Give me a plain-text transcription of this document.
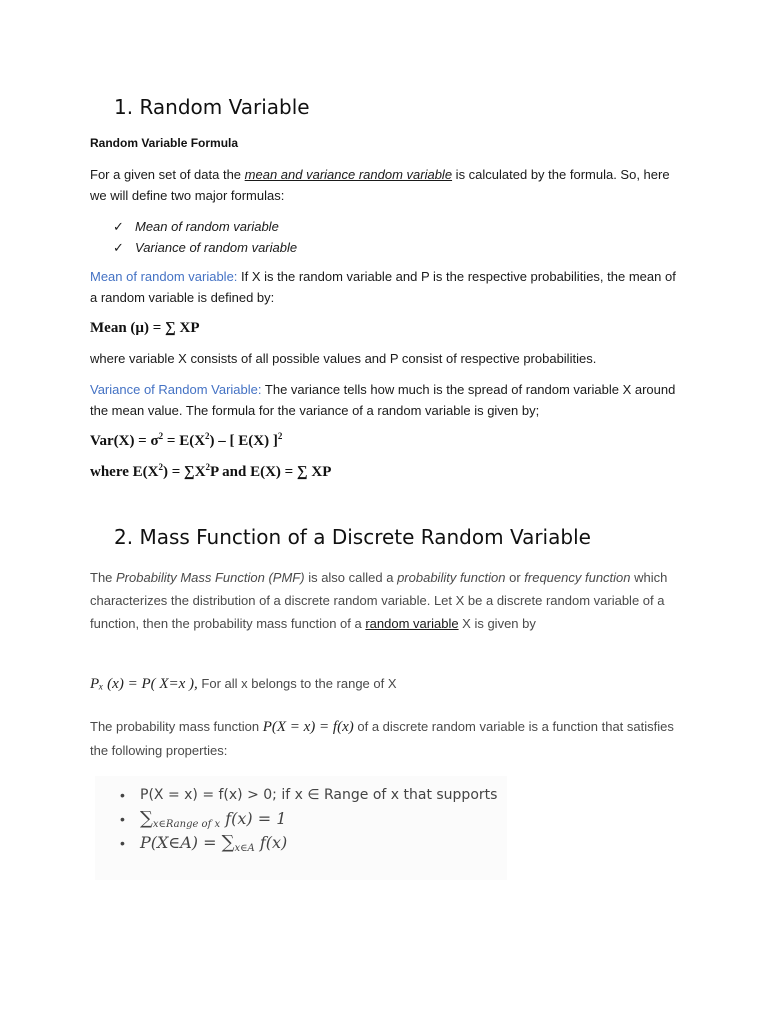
1. Random Variable
Random Variable Formula
For a given set of data the mean and variance random variable is calculated by the formula. So, here we will define two major formulas:
✓ Mean of random variable
✓ Variance of random variable
Mean of random variable: If X is the random variable and P is the respective probabilities, the mean of a random variable is defined by:
Mean (µ) = ∑ XP
where variable X consists of all possible values and P consist of respective probabilities.
Variance of Random Variable: The variance tells how much is the spread of random variable X around the mean value. The formula for the variance of a random variable is given by;
$Var(X) = \sigma^2 = E(X^2)$ – [ E(X) ]$^2$
where $E(X^2) = \sum X^2P$ and E(X) = ∑ XP
2. Mass Function of a Discrete Random Variable
The Probability Mass Function (PMF) is also called a probability function or frequency function which characterizes the distribution of a discrete random variable. Let X be a discrete random variable of a function, then the probability mass function of a random variable X is given by
Pₓ (x) = P( X=x ), For all x belongs to the range of X
The probability mass function P(X = x) = f(x) of a discrete random variable is a function that satisfies the following properties:
•	P(X = x) = f(x) > 0; if x ∈ Range of x that supports
• ∑x∈Range of x f(x) = 1
• P(X∈A) = ∑x∈A f(x)
